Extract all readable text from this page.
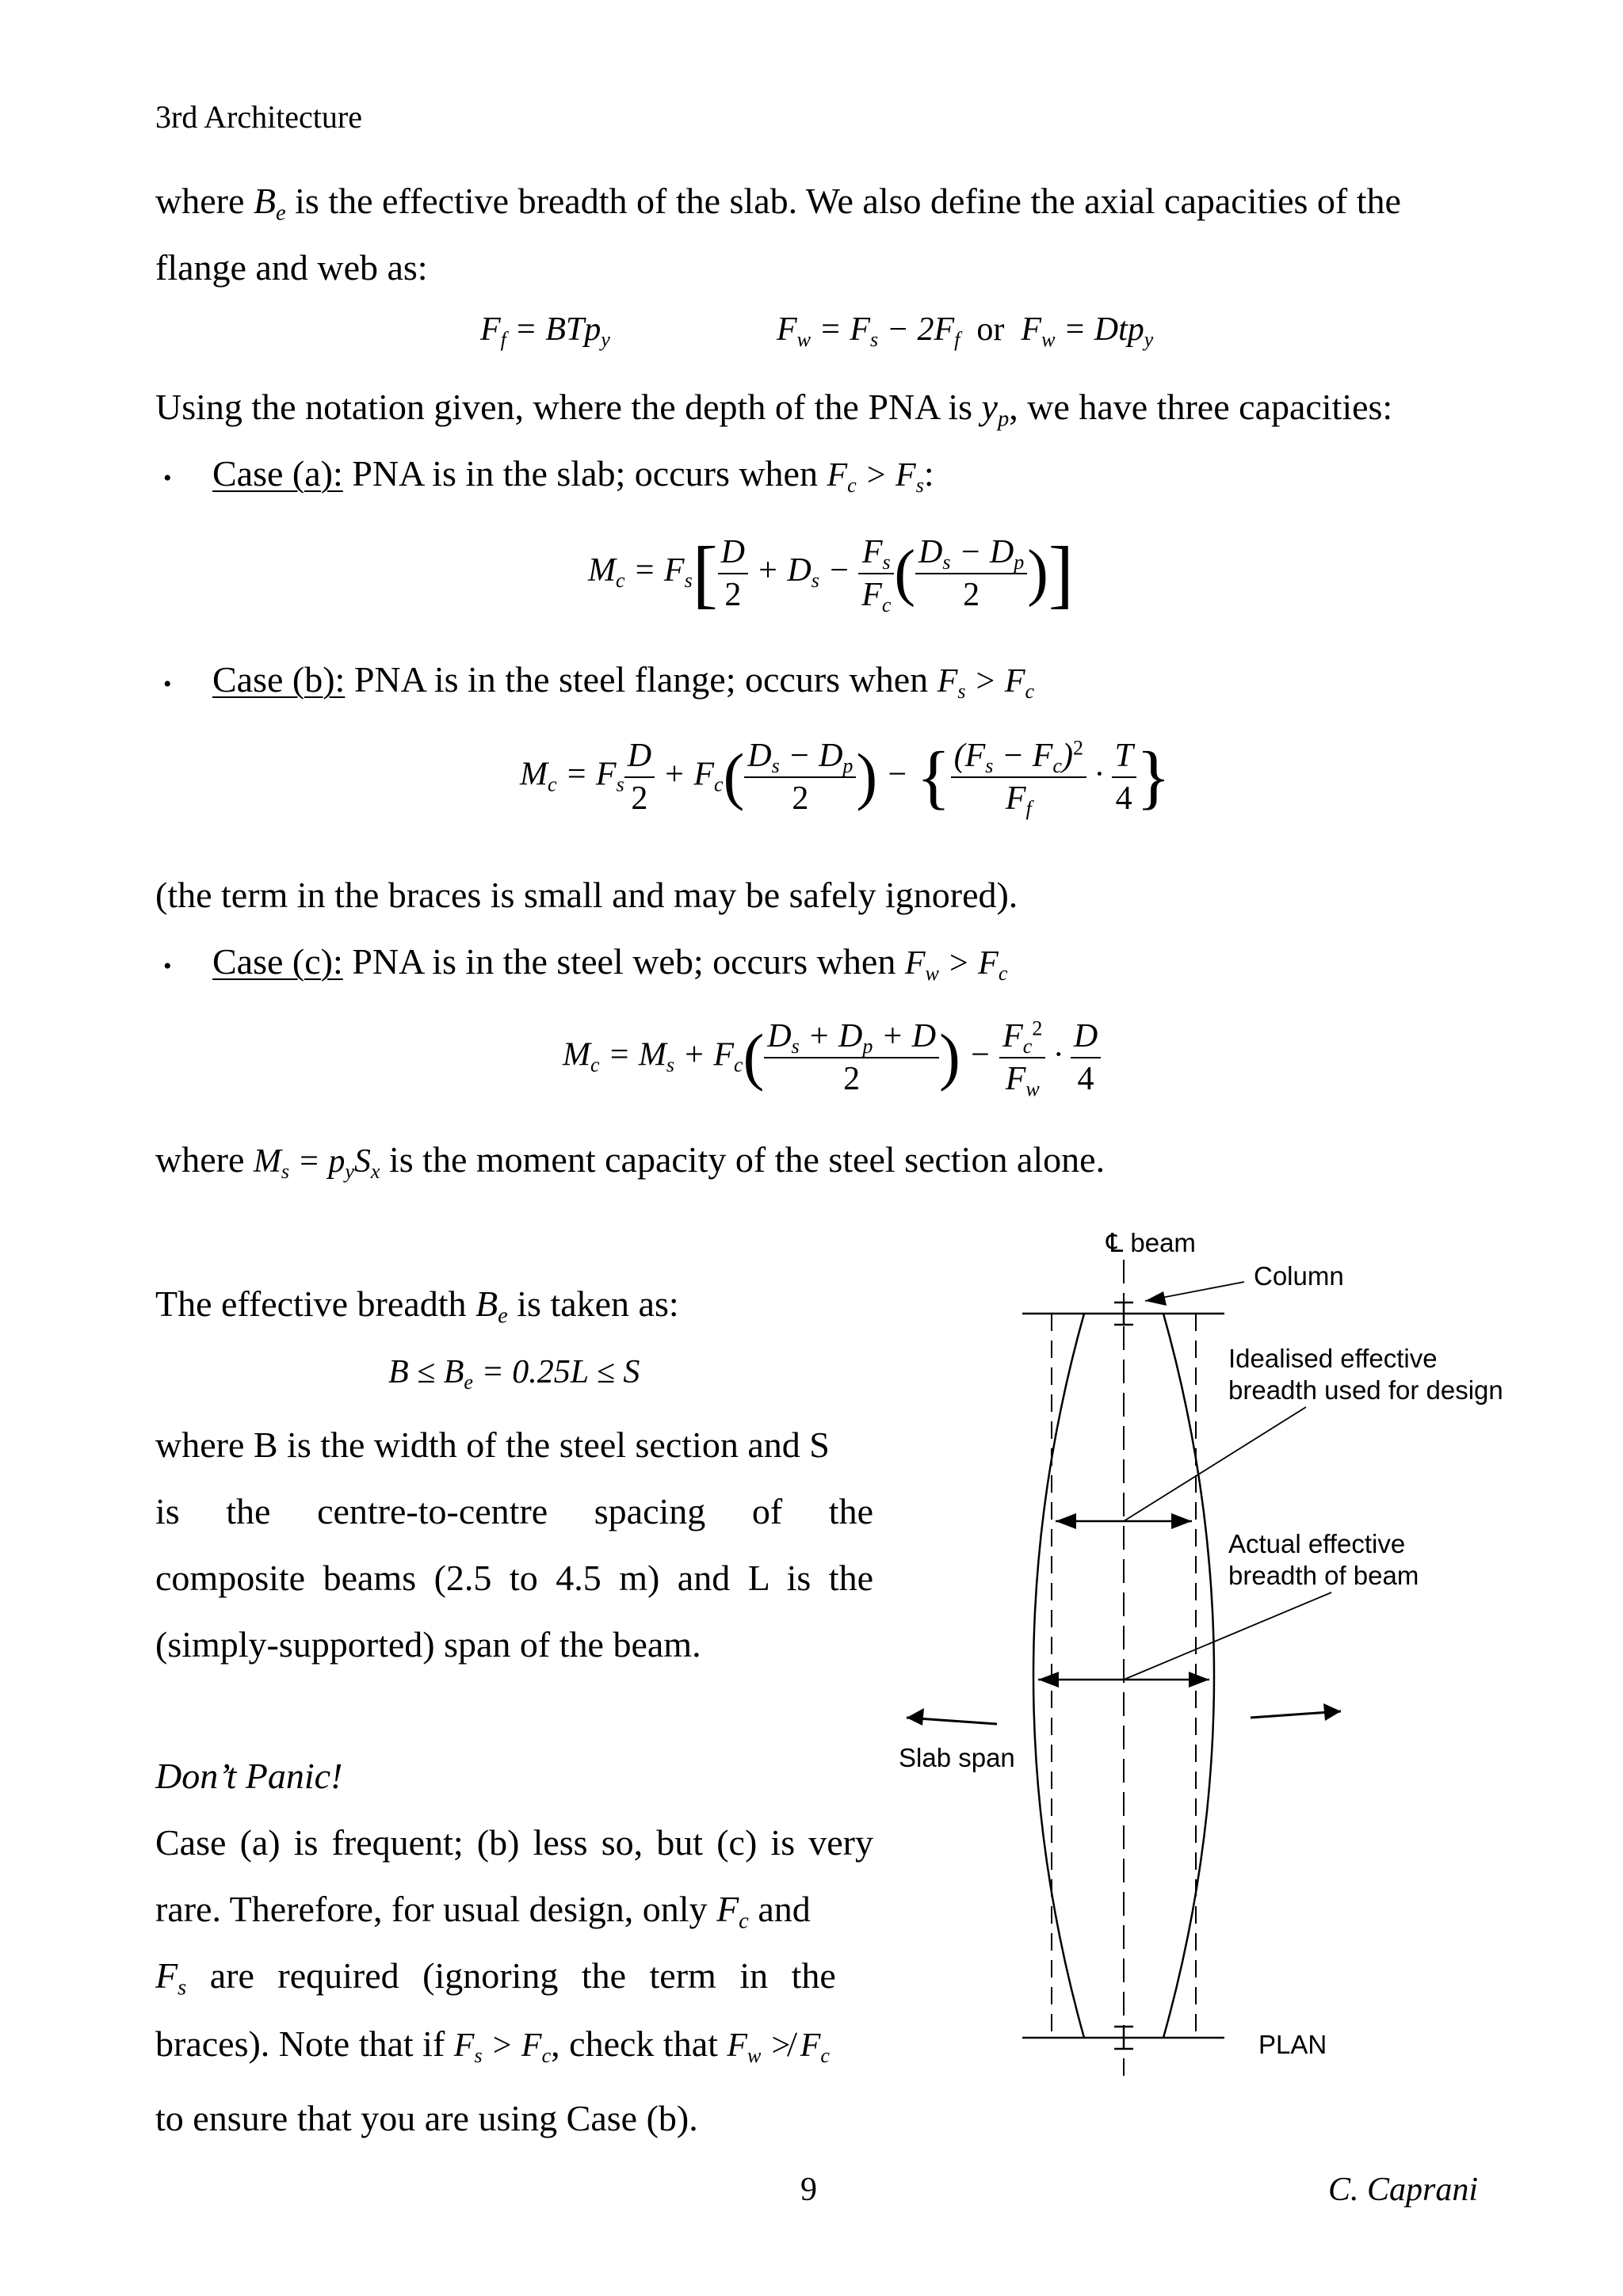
3rd Architecture
where $B_e$ is the effective breadth of the slab. We also define the axial capacities of the
flange and web as:
$F_f = BTp_y$	$F_w = F_s - 2F_f$ or $F_w = Dtp_y$
Using the notation given, where the depth of the PNA is $y_p$, we have three capacities:
• Case (a): PNA is in the slab; occurs when $F_c > F_s$:
$M_c = F_s[ \frac{D}{2} + D_s - \frac{F_s}{F_c}$ ( $\frac{D_s - D_p}{2}$ )]
• Case (b): PNA is in the steel flange; occurs when $F_s > F_c$
$M_c = F_s \frac{D}{2} + F_c( \frac{D_s - D_p}{2}$ ) − { $\frac{(F_s - F_c)^2}{F_f} \cdot \frac{T}{4}$ }
(the term in the braces is small and may be safely ignored).
• Case (c): PNA is in the steel web; occurs when $F_w > F_c$
$M_c = M_s + F_c( \frac{D_s + D_p + D}{2}$ ) − $\frac{F_c^2}{F_w} \cdot \frac{D}{4}$
where $M_s = p_yS_x$ is the moment capacity of the steel section alone.
The effective breadth $B_e$ is taken as:
$B \le B_e = 0.25L \le S$
where B is the width of the steel section and S
is the centre-to-centre spacing of the
composite beams (2.5 to 4.5 m) and L is the
(simply-supported) span of the beam.
Don’t Panic!
Case (a) is frequent; (b) less so, but (c) is very
rare. Therefore, for usual design, only $F_c$ and
$F_s$ are required (ignoring the term in the
braces). Note that if $F_s > F_c$, check that $F_w$ ≯ $F_c$
to ensure that you are using Case (b).
℄ beam
Column
Idealised effective
breadth used for design
Actual effective
breadth of beam
Slab span
PLAN
9	C. Caprani
